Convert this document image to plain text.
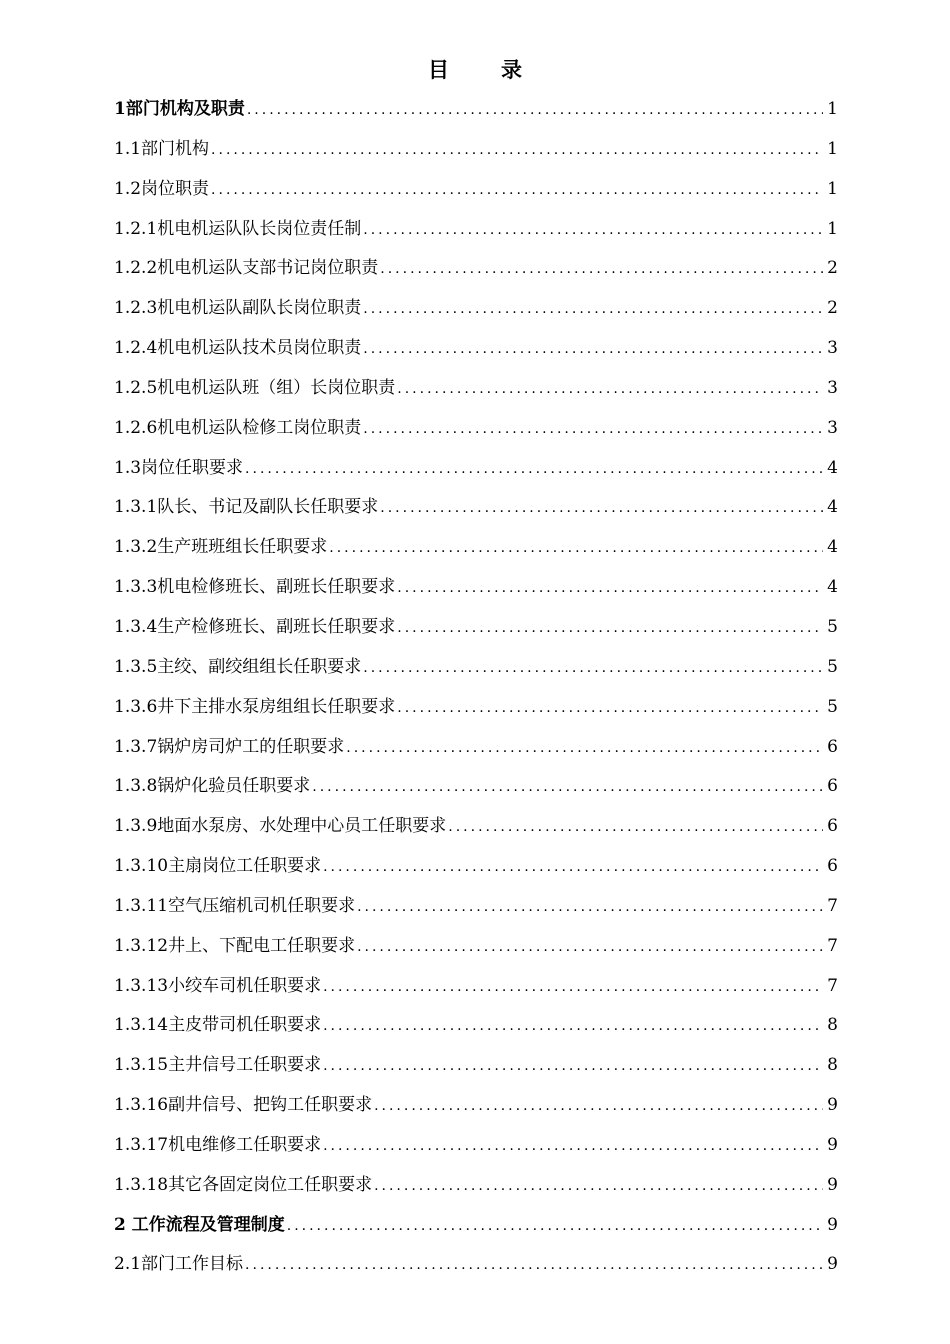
目录
1部门机构及职责 .....	1
1.1部门机构 .....	1
1.2岗位职责 .....	1
1.2.1机电机运队队长岗位责任制 .....	1
1.2.2机电机运队支部书记岗位职责 .....	2
1.2.3机电机运队副队长岗位职责 .....	2
1.2.4机电机运队技术员岗位职责 .....	3
1.2.5机电机运队班（组）长岗位职责 .....	3
1.2.6机电机运队检修工岗位职责 .....	3
1.3岗位任职要求 .....	4
1.3.1队长、书记及副队长任职要求 .....	4
1.3.2生产班班组长任职要求 .....	4
1.3.3机电检修班长、副班长任职要求 .....	4
1.3.4生产检修班长、副班长任职要求 .....	5
1.3.5主绞、副绞组组长任职要求 .....	5
1.3.6井下主排水泵房组组长任职要求 .....	5
1.3.7锅炉房司炉工的任职要求 .....	6
1.3.8锅炉化验员任职要求 .....	6
1.3.9地面水泵房、水处理中心员工任职要求 .....	6
1.3.10主扇岗位工任职要求 .....	6
1.3.11空气压缩机司机任职要求 .....	7
1.3.12井上、下配电工任职要求 .....	7
1.3.13小绞车司机任职要求 .....	7
1.3.14主皮带司机任职要求 .....	8
1.3.15主井信号工任职要求 .....	8
1.3.16副井信号、把钩工任职要求 .....	9
1.3.17机电维修工任职要求 .....	9
1.3.18其它各固定岗位工任职要求 .....	9
2 工作流程及管理制度 .....	9
2.1部门工作目标 .....	9
